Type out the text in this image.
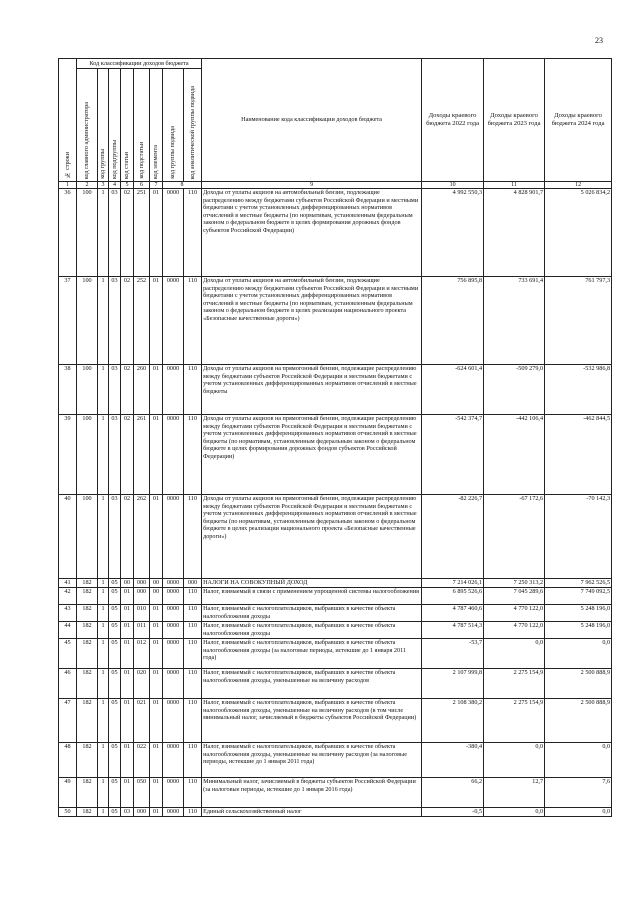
23
№ строки	Код классификации доходов бюджета								Наименование кода классификации доходов бюджета	Доходы краевого бюджета 2022 года	Доходы краевого бюджета 2023 года	Доходы краевого бюджета 2024 года

	код главного администратора	код группы	код подгруппы	код статьи	код подстатьи	код элемента	код группы подвида	код аналитической группы подвида				

1	2	3	4	5	6	7	8		9	10	11	12
36	100	1	03	02	251	01	0000	110	Доходы от уплаты акцизов на автомобильный бензин, подлежащие распределению между бюджетами субъектов Российской Федерации и местными бюджетами с учетом установленных дифференцированных нормативов отчислений в местные бюджеты (по нормативам, установленным федеральным законом о федеральном бюджете в целях формирования дорожных фондов субъектов Российской Федерации)	4 992 550,3	4 828 901,7	5 026 834,2
37	100	1	03	02	252	01	0000	110	Доходы от уплаты акцизов на автомобильный бензин, подлежащие распределению между бюджетами субъектов Российской Федерации и местными бюджетами с учетом установленных дифференцированных нормативов отчислений в местные бюджеты (по нормативам, установленным федеральным законом о федеральном бюджете в целях реализации национального проекта «Безопасные качественные дороги»)	756 895,8	733 691,4	761 797,3
38	100	1	03	02	260	01	0000	110	Доходы от уплаты акцизов на прямогонный бензин, подлежащие распределению между бюджетами субъектов Российской Федерации и местными бюджетами с учетом установленных дифференцированных нормативов отчислений в местные бюджеты	-624 601,4	-509 279,0	-532 986,8
39	100	1	03	02	261	01	0000	110	Доходы от уплаты акцизов на прямогонный бензин, подлежащие распределению между бюджетами субъектов Российской Федерации и местными бюджетами с учетом установленных дифференцированных нормативов отчислений в местные бюджеты (по нормативам, установленным федеральным законом о федеральном бюджете в целях формирования дорожных фондов субъектов Российской Федерации)	-542 374,7	-442 106,4	-462 844,5
40	100	1	03	02	262	01	0000	110	Доходы от уплаты акцизов на прямогонный бензин, подлежащие распределению между бюджетами субъектов Российской Федерации и местными бюджетами с учетом установленных дифференцированных нормативов отчислений в местные бюджеты (по нормативам, установленным федеральным законом о федеральном бюджете в целях реализации национального проекта «Безопасные качественные дороги»)	-82 226,7	-67 172,6	-70 142,3
41	182	1	05	00	000	00	0000	000	НАЛОГИ НА СОВОКУПНЫЙ ДОХОД	7 214 026,1	7 250 313,2	7 962 526,5
42	182	1	05	01	000	00	0000	110	Налог, взимаемый в связи с применением упрощенной системы налогообложения	6 895 526,6	7 045 289,6	7 749 092,5
43	182	1	05	01	010	01	0000	110	Налог, взимаемый с налогоплательщиков, выбравших в качестве объекта налогообложения доходы	4 787 460,6	4 770 122,0	5 248 196,0
44	182	1	05	01	011	01	0000	110	Налог, взимаемый с налогоплательщиков, выбравших в качестве объекта налогообложения доходы	4 787 514,3	4 770 122,0	5 248 196,0
45	182	1	05	01	012	01	0000	110	Налог, взимаемый с налогоплательщиков, выбравших в качестве объекта налогообложения доходы (за налоговые периоды, истекшие до 1 января 2011 года)	-53,7	0,0	0,0
46	182	1	05	01	020	01	0000	110	Налог, взимаемый с налогоплательщиков, выбравших в качестве объекта налогообложения доходы, уменьшенные на величину расходов	2 107 999,8	2 275 154,9	2 500 888,9
47	182	1	05	01	021	01	0000	110	Налог, взимаемый с налогоплательщиков, выбравших в качестве объекта налогообложения доходы, уменьшенные на величину расходов (в том числе минимальный налог, зачисляемый в бюджеты субъектов Российской Федерации)	2 108 380,2	2 275 154,9	2 500 888,9
48	182	1	05	01	022	01	0000	110	Налог, взимаемый с налогоплательщиков, выбравших в качестве объекта налогообложения доходы, уменьшенные на величину расходов (за налоговые периоды, истекшие до 1 января 2011 года)	-380,4	0,0	0,0
49	182	1	05	01	050	01	0000	110	Минимальный налог, зачисляемый в бюджеты субъектов Российской Федерации (за налоговые периоды, истекшие до 1 января 2016 года)	66,2	12,7	7,6
50	182	1	05	03	000	01	0000	110	Единый сельскохозяйственный налог	-0,5	0,0	0,0
